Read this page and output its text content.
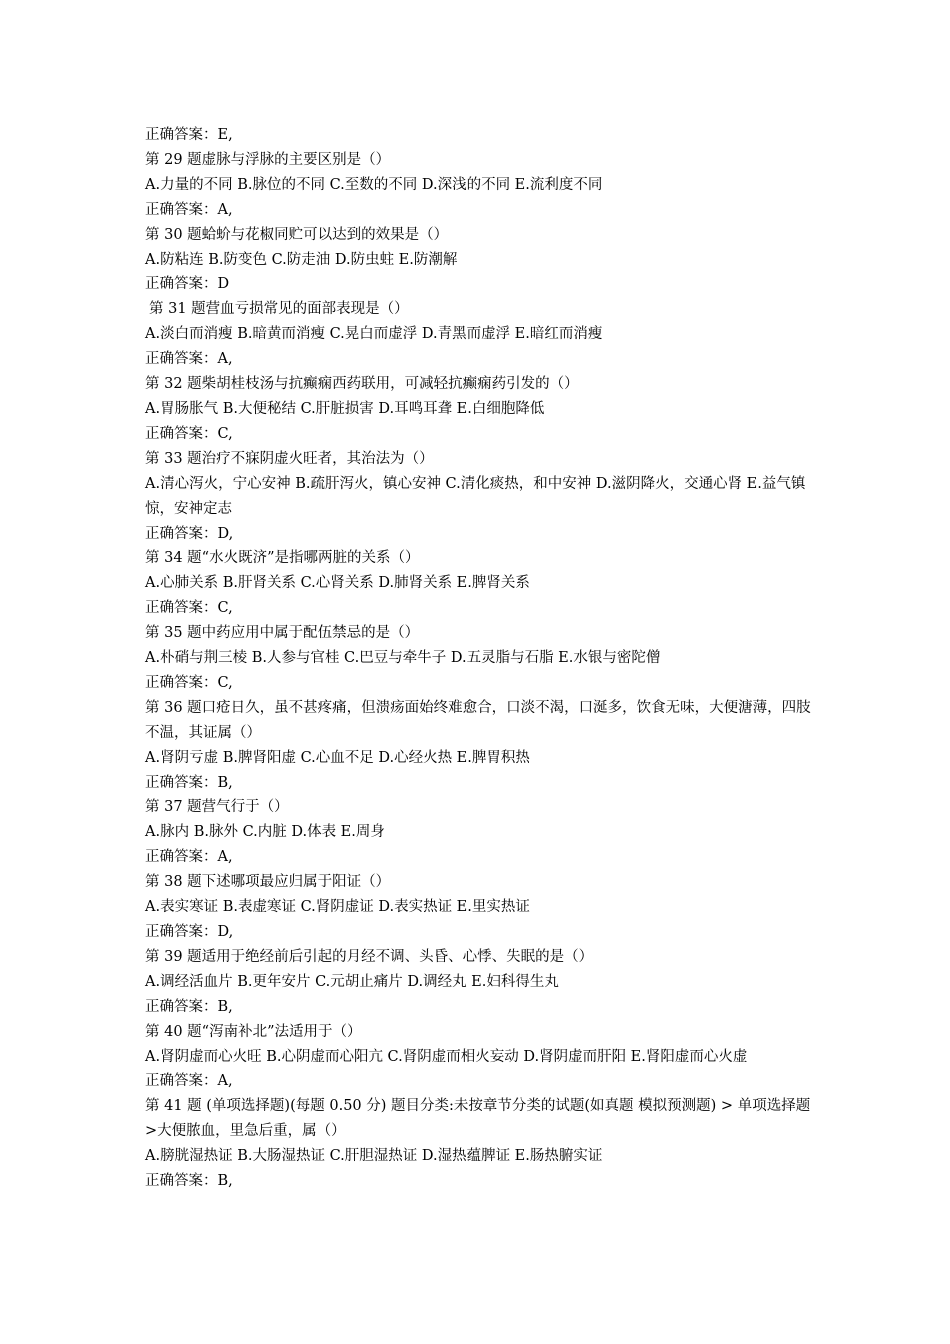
正确答案：E,

第 29 题虚脉与浮脉的主要区别是（）

A.力量的不同 B.脉位的不同 C.至数的不同 D.深浅的不同 E.流利度不同

正确答案：A,

第 30 题蛤蚧与花椒同贮可以达到的效果是（）

A.防粘连 B.防变色 C.防走油 D.防虫蛀 E.防潮解

正确答案：D

第 31 题营血亏损常见的面部表现是（）

A.淡白而消瘦 B.暗黄而消瘦 C.晃白而虚浮 D.青黑而虚浮 E.暗红而消瘦

正确答案：A,

第 32 题柴胡桂枝汤与抗癫痫西药联用，可减轻抗癫痫药引发的（）

A.胃肠胀气 B.大便秘结 C.肝脏损害 D.耳鸣耳聋 E.白细胞降低

正确答案：C,

第 33 题治疗不寐阴虚火旺者，其治法为（）

A.清心泻火，宁心安神 B.疏肝泻火，镇心安神 C.清化痰热，和中安神 D.滋阴降火，交通心肾 E.益气镇惊，安神定志

正确答案：D,

第 34 题“水火既济”是指哪两脏的关系（）

A.心肺关系 B.肝肾关系 C.心肾关系 D.肺肾关系 E.脾肾关系

正确答案：C,

第 35 题中药应用中属于配伍禁忌的是（）

A.朴硝与荆三棱 B.人参与官桂 C.巴豆与牵牛子 D.五灵脂与石脂 E.水银与密陀僧

正确答案：C,

第 36 题口疮日久，虽不甚疼痛，但溃疡面始终难愈合，口淡不渴，口涎多，饮食无味，大便溏薄，四肢不温，其证属（）

A.肾阴亏虚 B.脾肾阳虚 C.心血不足 D.心经火热 E.脾胃积热

正确答案：B,

第 37 题营气行于（）

A.脉内 B.脉外 C.内脏 D.体表 E.周身

正确答案：A,

第 38 题下述哪项最应归属于阳证（）

A.表实寒证 B.表虚寒证 C.肾阴虚证 D.表实热证 E.里实热证

正确答案：D,

第 39 题适用于绝经前后引起的月经不调、头昏、心悸、失眠的是（）

A.调经活血片 B.更年安片 C.元胡止痛片 D.调经丸 E.妇科得生丸

正确答案：B,

第 40 题“泻南补北”法适用于（）

A.肾阴虚而心火旺 B.心阴虚而心阳亢 C.肾阴虚而相火妄动 D.肾阴虚而肝阳 E.肾阳虚而心火虚

正确答案：A,

第 41 题 (单项选择题)(每题 0.50 分) 题目分类:未按章节分类的试题(如真题 模拟预测题) > 单项选择题 >大便脓血，里急后重，属（）

A.膀胱湿热证 B.大肠湿热证 C.肝胆湿热证 D.湿热蕴脾证 E.肠热腑实证

正确答案：B,
